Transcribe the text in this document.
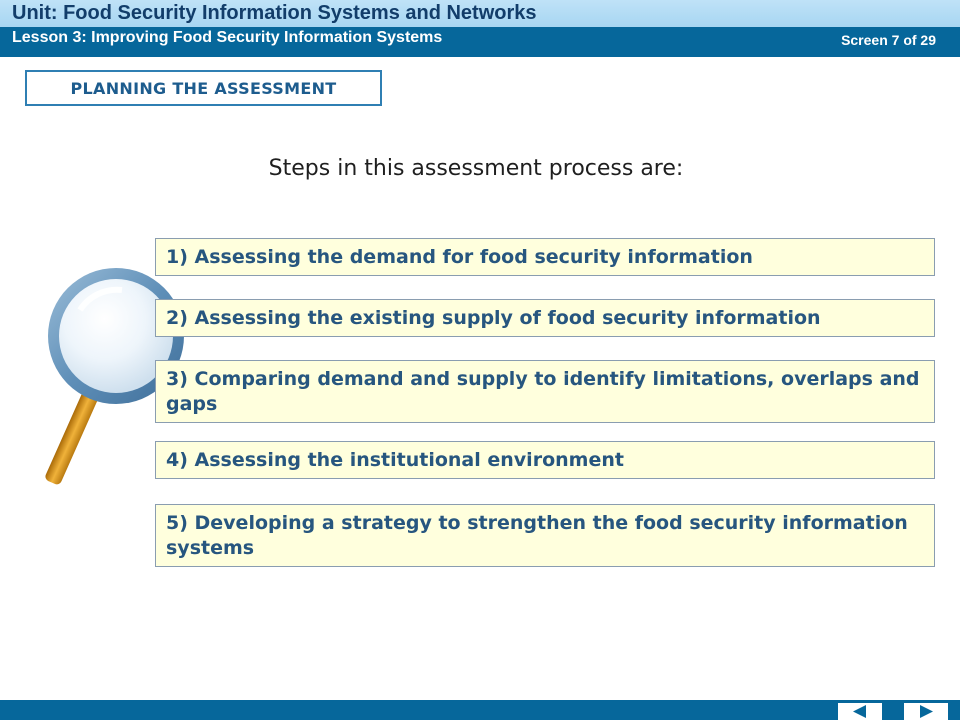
Unit: Food Security Information Systems and Networks
Lesson 3: Improving Food Security Information Systems	Screen 7 of 29
PLANNING THE ASSESSMENT
Steps in this assessment process are:
1) Assessing the demand for food security information
2) Assessing the existing supply of food security information
3) Comparing demand and supply to identify limitations, overlaps and gaps
4) Assessing the institutional environment
5) Developing a strategy to strengthen the food security information systems
